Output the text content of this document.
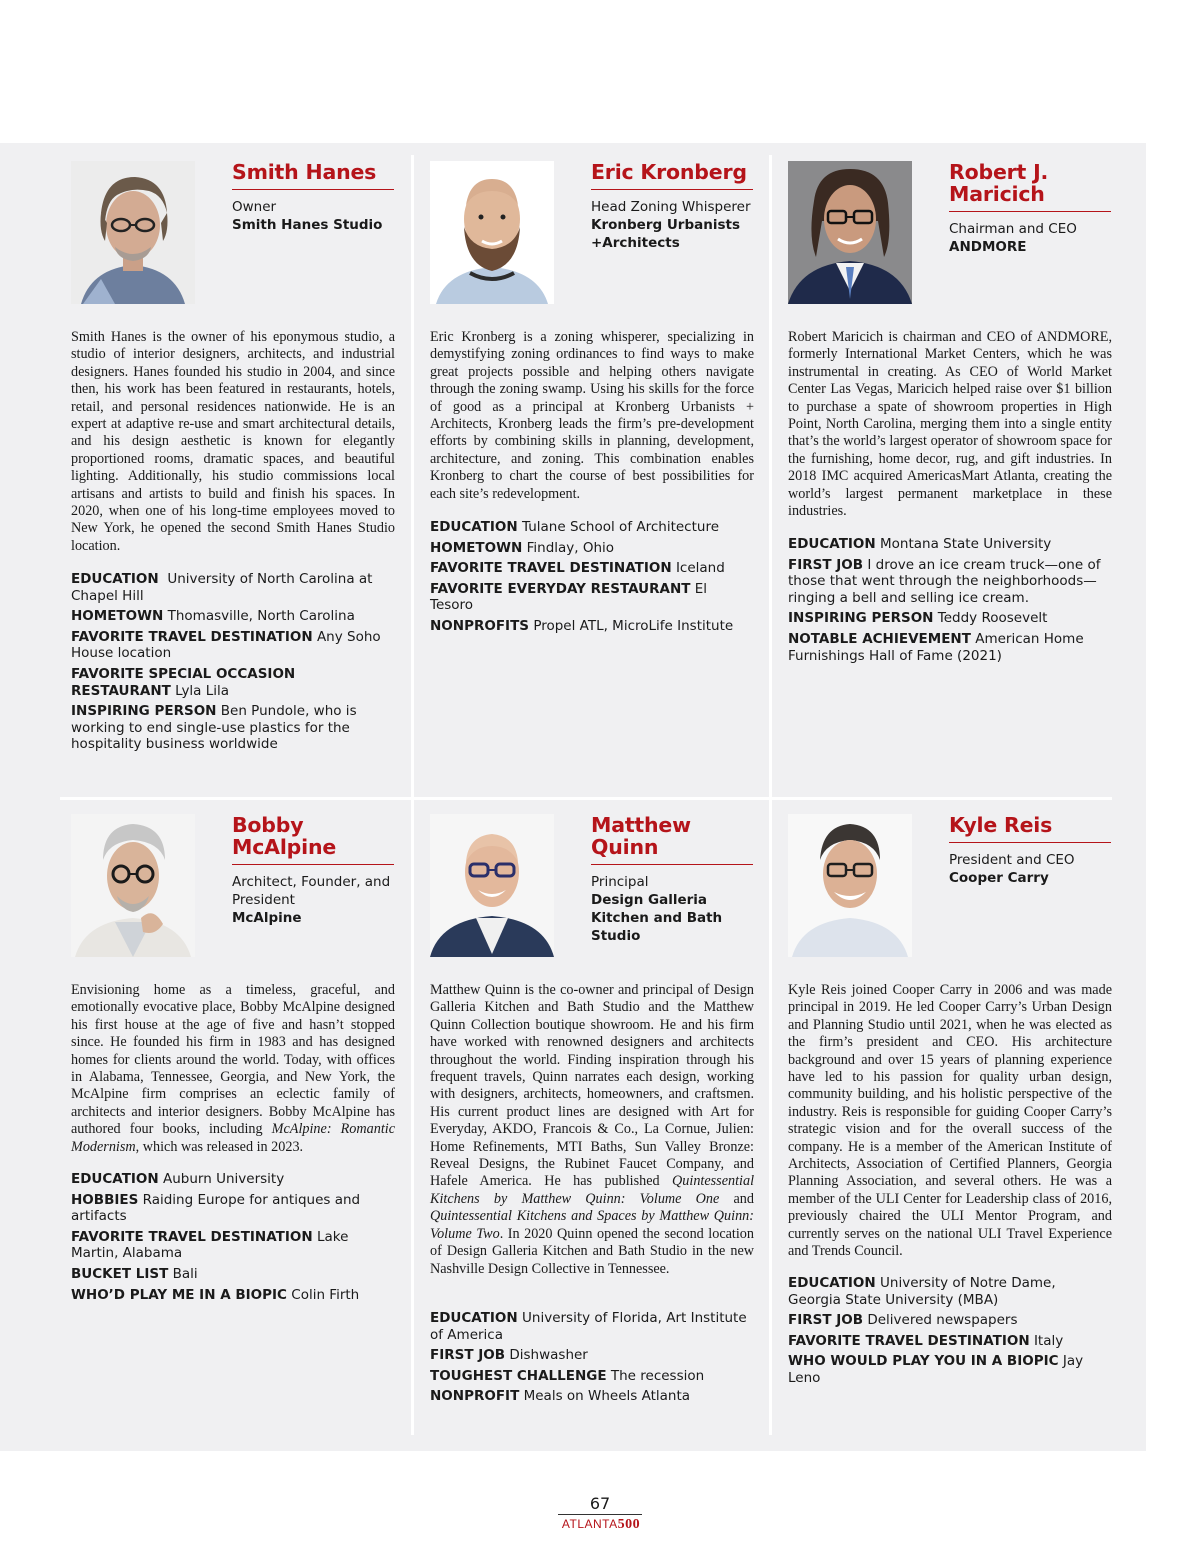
Smith Hanes
Owner
Smith Hanes Studio

Smith Hanes is the owner of his eponymous studio, a studio of interior designers, architects, and industrial designers. Hanes founded his studio in 2004, and since then, his work has been featured in restaurants, hotels, retail, and personal residences nationwide. He is an expert at adaptive re-use and smart architectural details, and his design aesthetic is known for elegantly proportioned rooms, dramatic spaces, and beautiful lighting. Additionally, his studio commissions local artisans and artists to build and finish his spaces. In 2020, when one of his long-time employees moved to New York, he opened the second Smith Hanes Studio location.

EDUCATION University of North Carolina at Chapel Hill

HOMETOWN Thomasville, North Carolina

FAVORITE TRAVEL DESTINATION Any Soho House location

FAVORITE SPECIAL OCCASION RESTAURANT Lyla Lila

INSPIRING PERSON Ben Pundole, who is working to end single-use plastics for the hospitality business worldwide

Eric Kronberg
Head Zoning Whisperer
Kronberg Urbanists +Architects

Eric Kronberg is a zoning whisperer, specializing in demystifying zoning ordinances to find ways to make great projects possible and helping others navigate through the zoning swamp. Using his skills for the force of good as a principal at Kronberg Urbanists + Architects, Kronberg leads the firm’s pre-development efforts by combining skills in planning, development, architecture, and zoning. This combination enables Kronberg to chart the course of best possibilities for each site’s redevelopment.

EDUCATION Tulane School of Architecture

HOMETOWN Findlay, Ohio

FAVORITE TRAVEL DESTINATION Iceland

FAVORITE EVERYDAY RESTAURANT El Tesoro

NONPROFITS Propel ATL, MicroLife Institute

Robert J. Maricich
Chairman and CEO
ANDMORE

Robert Maricich is chairman and CEO of ANDMORE, formerly International Market Centers, which he was instrumental in creating. As CEO of World Market Center Las Vegas, Maricich helped raise over $1 billion to purchase a spate of showroom properties in High Point, North Carolina, merging them into a single entity that’s the world’s largest operator of showroom space for the furnishing, home decor, rug, and gift industries. In 2018 IMC acquired AmericasMart Atlanta, creating the world’s largest permanent marketplace in these industries.

EDUCATION Montana State University

FIRST JOB I drove an ice cream truck—one of those that went through the neighborhoods—ringing a bell and selling ice cream.

INSPIRING PERSON Teddy Roosevelt

NOTABLE ACHIEVEMENT American Home Furnishings Hall of Fame (2021)

Bobby McAlpine
Architect, Founder, and President
McAlpine

Envisioning home as a timeless, graceful, and emotionally evocative place, Bobby McAlpine designed his first house at the age of five and hasn’t stopped since. He founded his firm in 1983 and has designed homes for clients around the world. Today, with offices in Alabama, Tennessee, Georgia, and New York, the McAlpine firm comprises an eclectic family of architects and interior designers. Bobby McAlpine has authored four books, including McAlpine: Romantic Modernism, which was released in 2023.

EDUCATION Auburn University

HOBBIES Raiding Europe for antiques and artifacts

FAVORITE TRAVEL DESTINATION Lake Martin, Alabama

BUCKET LIST Bali

WHO’D PLAY ME IN A BIOPIC Colin Firth

Matthew Quinn
Principal
Design Galleria Kitchen and Bath Studio

Matthew Quinn is the co-owner and principal of Design Galleria Kitchen and Bath Studio and the Matthew Quinn Collection boutique showroom. He and his firm have worked with renowned designers and architects throughout the world. Finding inspiration through his frequent travels, Quinn narrates each design, working with designers, architects, homeowners, and craftsmen. His current product lines are designed with Art for Everyday, AKDO, Francois & Co., La Cornue, Julien: Home Refinements, MTI Baths, Sun Valley Bronze: Reveal Designs, the Rubinet Faucet Company, and Hafele America. He has published Quintessential Kitchens by Matthew Quinn: Volume One and Quintessential Kitchens and Spaces by Matthew Quinn: Volume Two. In 2020 Quinn opened the second location of Design Galleria Kitchen and Bath Studio in the new Nashville Design Collective in Tennessee.

EDUCATION University of Florida, Art Institute of America

FIRST JOB Dishwasher

TOUGHEST CHALLENGE The recession

NONPROFIT Meals on Wheels Atlanta

Kyle Reis
President and CEO
Cooper Carry

Kyle Reis joined Cooper Carry in 2006 and was made principal in 2019. He led Cooper Carry’s Urban Design and Planning Studio until 2021, when he was elected as the firm’s president and CEO. His architecture background and over 15 years of planning experience have led to his passion for quality urban design, community building, and his holistic perspective of the industry. Reis is responsible for guiding Cooper Carry’s strategic vision and for the overall success of the company. He is a member of the American Institute of Architects, Association of Certified Planners, Georgia Planning Association, and several others. He was a member of the ULI Center for Leadership class of 2016, previously chaired the ULI Mentor Program, and currently serves on the national ULI Travel Experience and Trends Council.

EDUCATION University of Notre Dame, Georgia State University (MBA)

FIRST JOB Delivered newspapers

FAVORITE TRAVEL DESTINATION Italy

WHO WOULD PLAY YOU IN A BIOPIC Jay Leno

67
ATLANTA500
